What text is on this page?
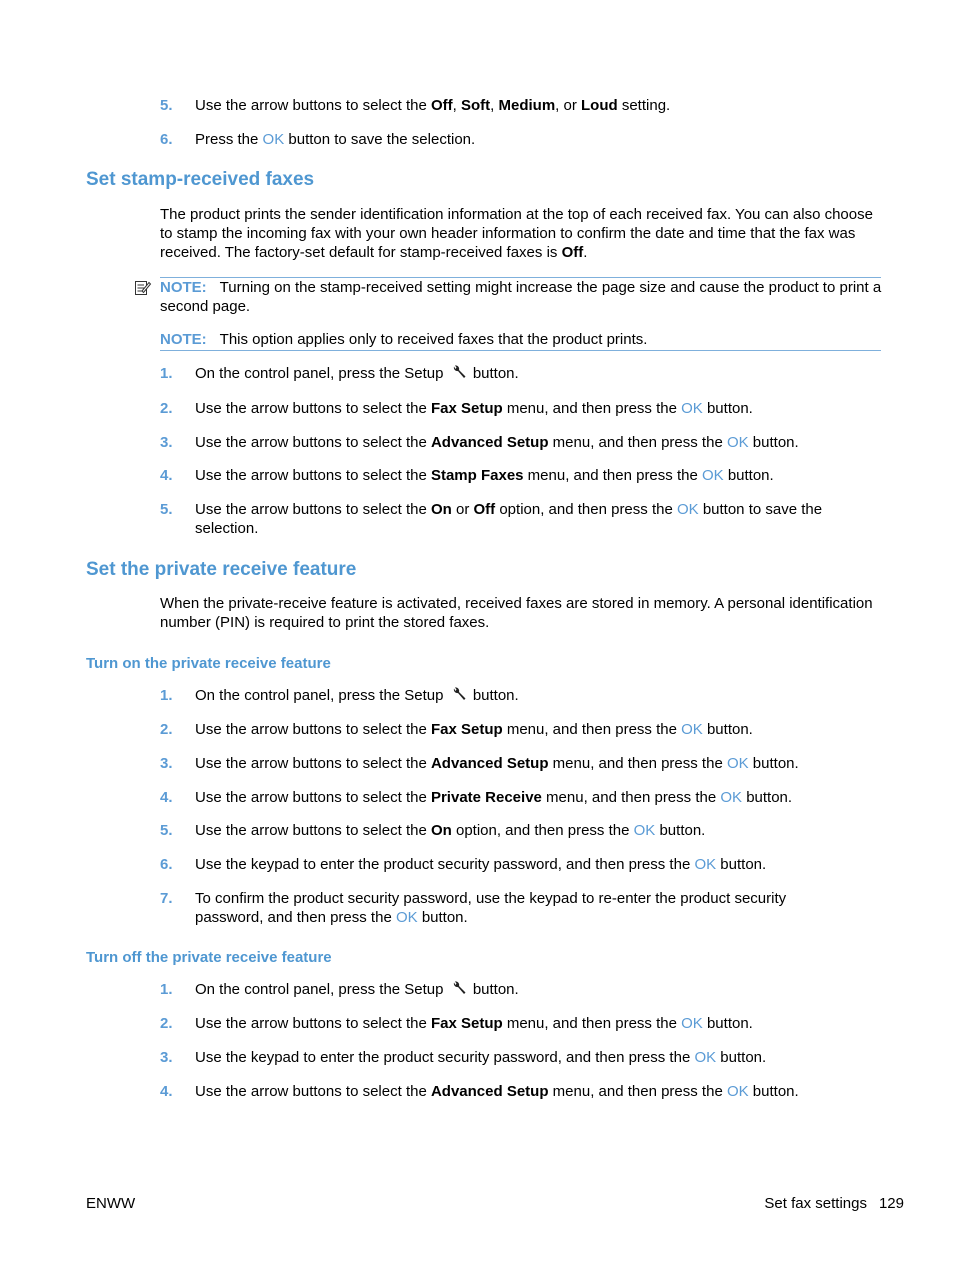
5. Use the arrow buttons to select the Off, Soft, Medium, or Loud setting.
6. Press the OK button to save the selection.
Set stamp-received faxes
The product prints the sender identification information at the top of each received fax. You can also choose to stamp the incoming fax with your own header information to confirm the date and time that the fax was received. The factory-set default for stamp-received faxes is Off.
NOTE: Turning on the stamp-received setting might increase the page size and cause the product to print a second page.
NOTE: This option applies only to received faxes that the product prints.
1. On the control panel, press the Setup  button.
2. Use the arrow buttons to select the Fax Setup menu, and then press the OK button.
3. Use the arrow buttons to select the Advanced Setup menu, and then press the OK button.
4. Use the arrow buttons to select the Stamp Faxes menu, and then press the OK button.
5. Use the arrow buttons to select the On or Off option, and then press the OK button to save the selection.
Set the private receive feature
When the private-receive feature is activated, received faxes are stored in memory. A personal identification number (PIN) is required to print the stored faxes.
Turn on the private receive feature
1. On the control panel, press the Setup  button.
2. Use the arrow buttons to select the Fax Setup menu, and then press the OK button.
3. Use the arrow buttons to select the Advanced Setup menu, and then press the OK button.
4. Use the arrow buttons to select the Private Receive menu, and then press the OK button.
5. Use the arrow buttons to select the On option, and then press the OK button.
6. Use the keypad to enter the product security password, and then press the OK button.
7. To confirm the product security password, use the keypad to re-enter the product security password, and then press the OK button.
Turn off the private receive feature
1. On the control panel, press the Setup  button.
2. Use the arrow buttons to select the Fax Setup menu, and then press the OK button.
3. Use the keypad to enter the product security password, and then press the OK button.
4. Use the arrow buttons to select the Advanced Setup menu, and then press the OK button.
ENWW	Set fax settings 129
